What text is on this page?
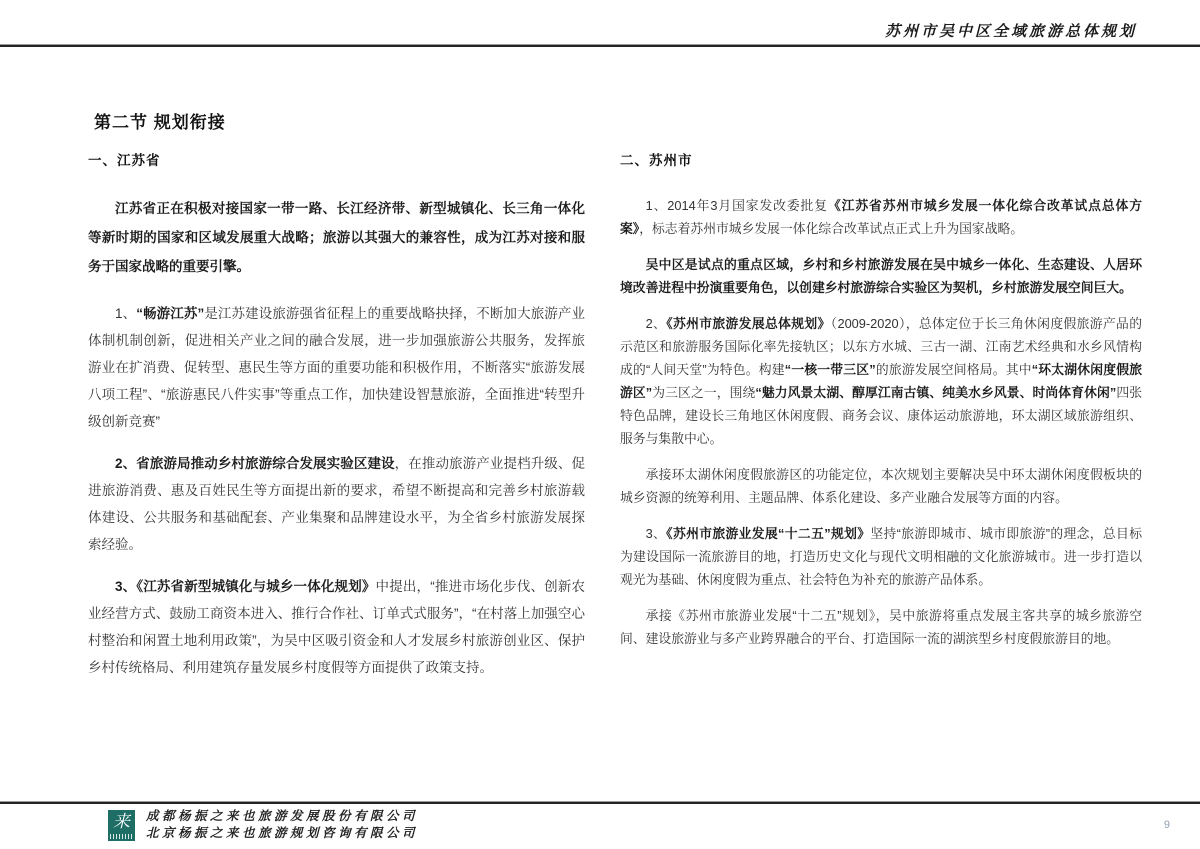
苏州市吴中区全域旅游总体规划
第二节 规划衔接
一、江苏省

江苏省正在积极对接国家一带一路、长江经济带、新型城镇化、长三角一体化等新时期的国家和区域发展重大战略；旅游以其强大的兼容性，成为江苏对接和服务于国家战略的重要引擎。

1、“畅游江苏”是江苏建设旅游强省征程上的重要战略抉择，不断加大旅游产业体制机制创新，促进相关产业之间的融合发展，进一步加强旅游公共服务，发挥旅游业在扩消费、促转型、惠民生等方面的重要功能和积极作用，不断落实“旅游发展八项工程”、“旅游惠民八件实事”等重点工作，加快建设智慧旅游，全面推进“转型升级创新竞赛”

2、省旅游局推动乡村旅游综合发展实验区建设，在推动旅游产业提档升级、促进旅游消费、惠及百姓民生等方面提出新的要求，希望不断提高和完善乡村旅游载体建设、公共服务和基础配套、产业集聚和品牌建设水平，为全省乡村旅游发展探索经验。

3、《江苏省新型城镇化与城乡一体化规划》中提出，“推进市场化步伐、创新农业经营方式、鼓励工商资本进入、推行合作社、订单式式服务”，“在村落上加强空心村整治和闲置土地利用政策”，为吴中区吸引资金和人才发展乡村旅游创业区、保护乡村传统格局、利用建筑存量发展乡村度假等方面提供了政策支持。

二、苏州市

1、2014年3月国家发改委批复《江苏省苏州市城乡发展一体化综合改革试点总体方案》，标志着苏州市城乡发展一体化综合改革试点正式上升为国家战略。

吴中区是试点的重点区域，乡村和乡村旅游发展在吴中城乡一体化、生态建设、人居环境改善进程中扮演重要角色，以创建乡村旅游综合实验区为契机，乡村旅游发展空间巨大。

2、《苏州市旅游发展总体规划》（2009-2020），总体定位于长三角休闲度假旅游产品的示范区和旅游服务国际化率先接轨区；以东方水城、三古一湖、江南艺术经典和水乡风情构成的“人间天堂”为特色。构建“一核一带三区”的旅游发展空间格局。其中“环太湖休闲度假旅游区”为三区之一，围绕“魅力风景太湖、醇厚江南古镇、纯美水乡风景、时尚体育休闲”四张特色品牌，建设长三角地区休闲度假、商务会议、康体运动旅游地，环太湖区域旅游组织、服务与集散中心。

承接环太湖休闲度假旅游区的功能定位，本次规划主要解决吴中环太湖休闲度假板块的城乡资源的统筹利用、主题品牌、体系化建设、多产业融合发展等方面的内容。

3、《苏州市旅游业发展“十二五”规划》坚持“旅游即城市、城市即旅游”的理念，总目标 为建设国际一流旅游目的地，打造历史文化与现代文明相融的文化旅游城市。进一步打造以观光为基础、休闲度假为重点、社会特色为补充的旅游产品体系。

承接《苏州市旅游业发展“十二五”规划》，吴中旅游将重点发展主客共享的城乡旅游空间、建设旅游业与多产业跨界融合的平台、打造国际一流的湖滨型乡村度假旅游目的地。

来	成都杨振之来也旅游发展股份有限公司
北京杨振之来也旅游规划咨询有限公司	9
